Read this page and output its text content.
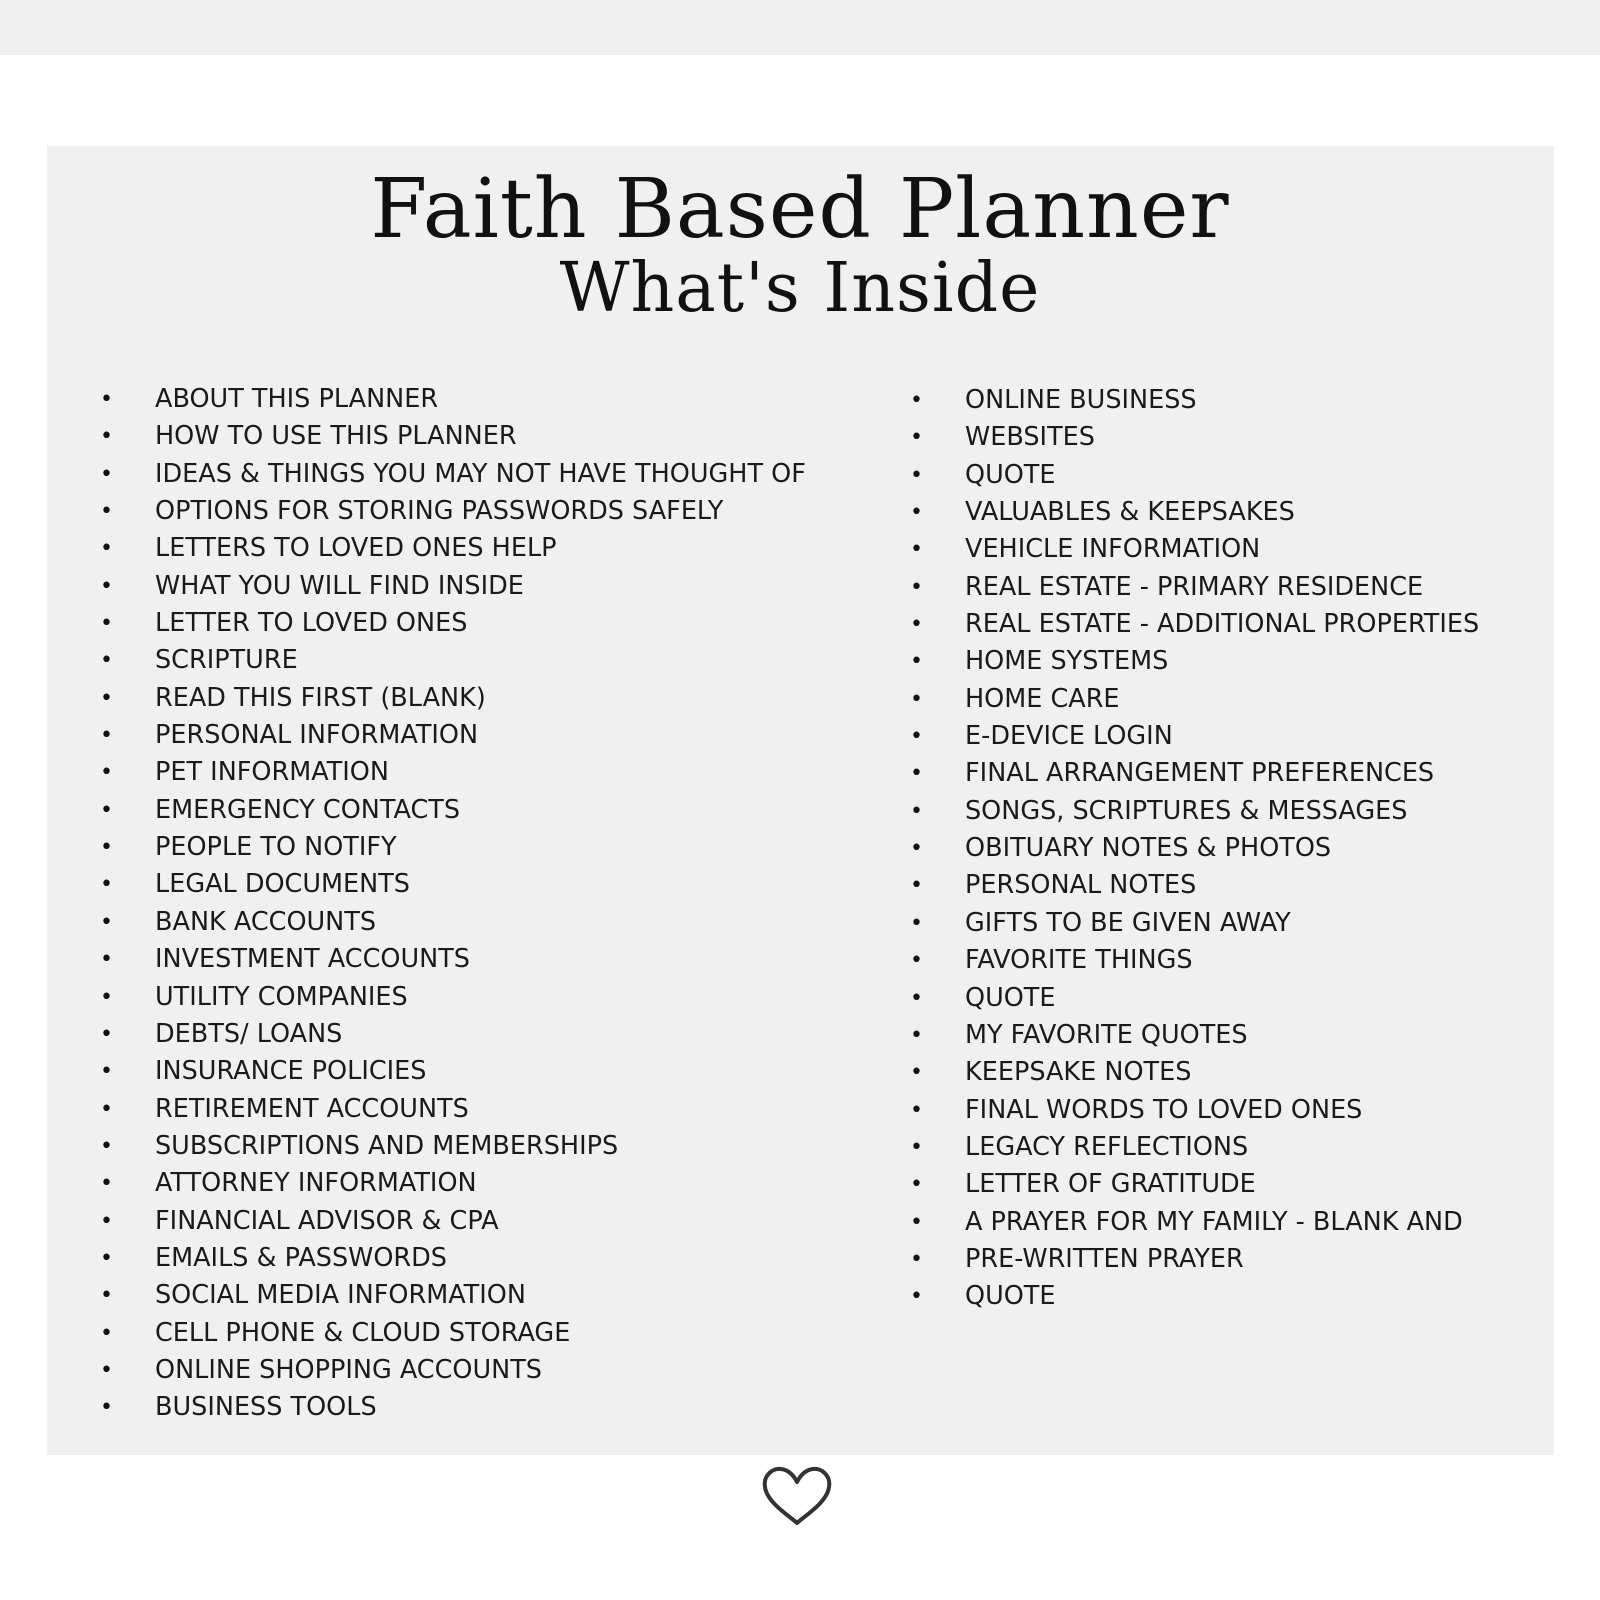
Faith Based Planner
What's Inside
• ABOUT THIS PLANNER
• HOW TO USE THIS PLANNER
• IDEAS & THINGS YOU MAY NOT HAVE THOUGHT OF
• OPTIONS FOR STORING PASSWORDS SAFELY
• LETTERS TO LOVED ONES HELP
• WHAT YOU WILL FIND INSIDE
• LETTER TO LOVED ONES
• SCRIPTURE
• READ THIS FIRST (BLANK)
• PERSONAL INFORMATION
• PET INFORMATION
• EMERGENCY CONTACTS
• PEOPLE TO NOTIFY
• LEGAL DOCUMENTS
• BANK ACCOUNTS
• INVESTMENT ACCOUNTS
• UTILITY COMPANIES
• DEBTS/ LOANS
• INSURANCE POLICIES
• RETIREMENT ACCOUNTS
• SUBSCRIPTIONS AND MEMBERSHIPS
• ATTORNEY INFORMATION
• FINANCIAL ADVISOR & CPA
• EMAILS & PASSWORDS
• SOCIAL MEDIA INFORMATION
• CELL PHONE & CLOUD STORAGE
• ONLINE SHOPPING ACCOUNTS
• BUSINESS TOOLS
• ONLINE BUSINESS
• WEBSITES
• QUOTE
• VALUABLES & KEEPSAKES
• VEHICLE INFORMATION
• REAL ESTATE - PRIMARY RESIDENCE
• REAL ESTATE - ADDITIONAL PROPERTIES
• HOME SYSTEMS
• HOME CARE
• E-DEVICE LOGIN
• FINAL ARRANGEMENT PREFERENCES
• SONGS, SCRIPTURES & MESSAGES
• OBITUARY NOTES & PHOTOS
• PERSONAL NOTES
• GIFTS TO BE GIVEN AWAY
• FAVORITE THINGS
• QUOTE
• MY FAVORITE QUOTES
• KEEPSAKE NOTES
• FINAL WORDS TO LOVED ONES
• LEGACY REFLECTIONS
• LETTER OF GRATITUDE
• A PRAYER FOR MY FAMILY - BLANK AND
• PRE-WRITTEN PRAYER
• QUOTE
